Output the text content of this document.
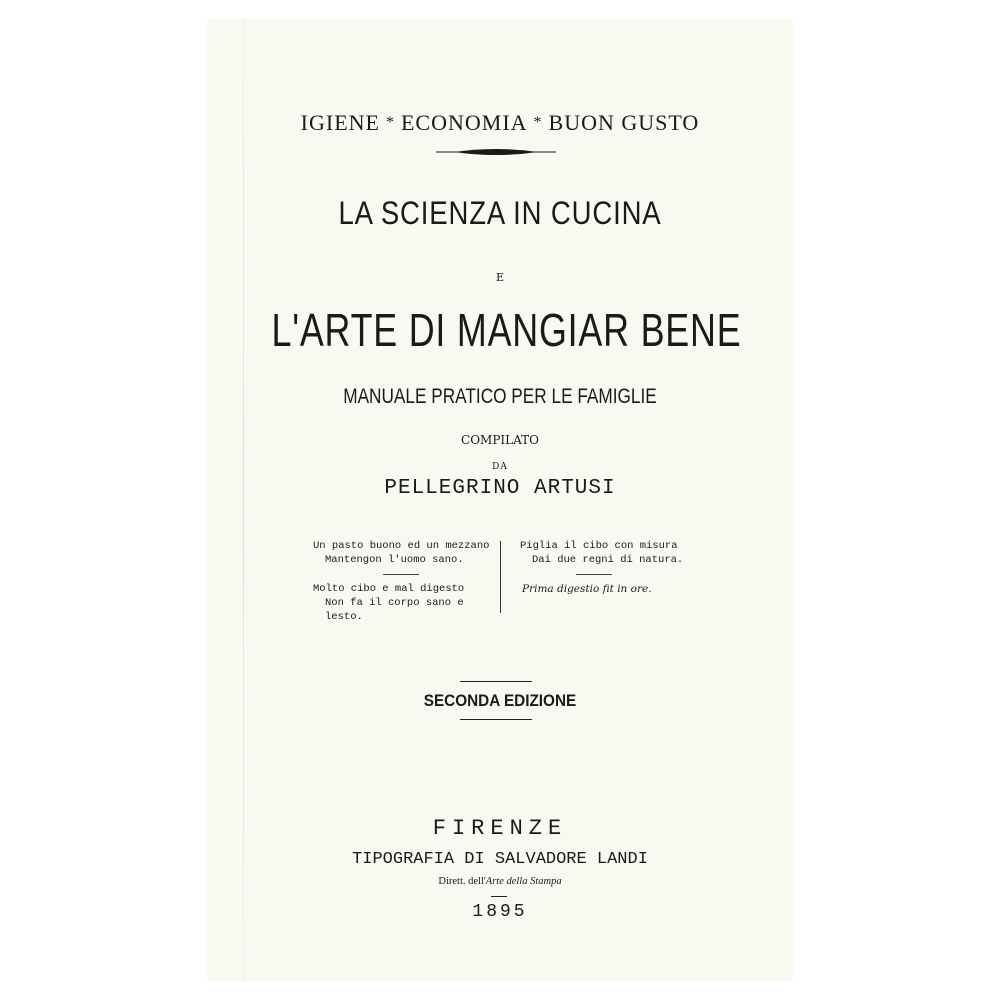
IGIENE * ECONOMIA * BUON GUSTO
LA SCIENZA IN CUCINA
E
L'ARTE DI MANGIAR BENE
MANUALE PRATICO PER LE FAMIGLIE
COMPILATO
DA
PELLEGRINO ARTUSI
Un pasto buono ed un mezzano
Mantengon l'uomo sano.
Molto cibo e mal digesto
Non fa il corpo sano e lesto.
Piglia il cibo con misura
Dai due regni di natura.
Prima digestio fit in ore.
SECONDA EDIZIONE
FIRENZE
TIPOGRAFIA DI SALVADORE LANDI
Dirett. dell'Arte della Stampa
1895
